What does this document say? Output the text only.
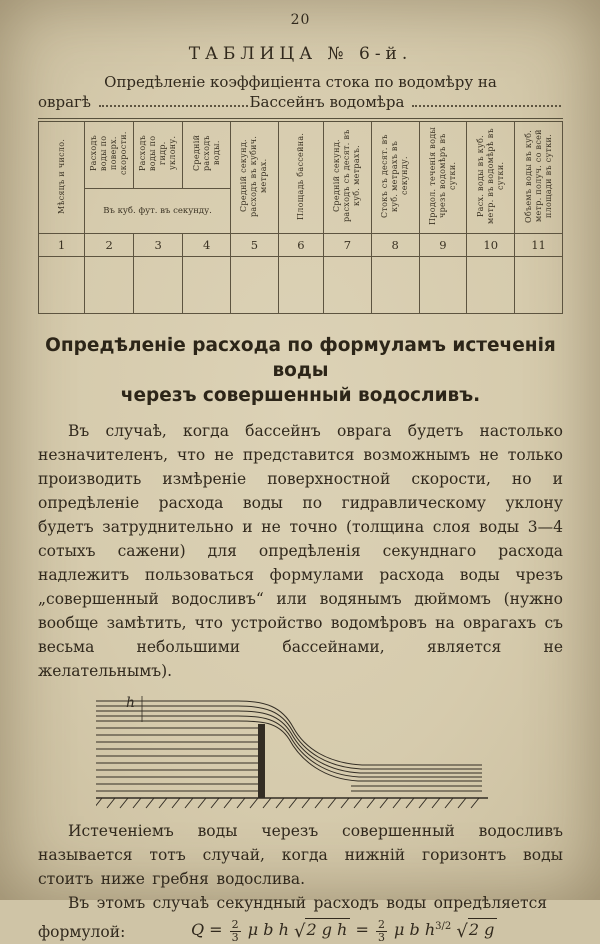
20
ТАБЛИЦА № 6-й.
Опредѣленіе коэффиціента стока по водомѣру на
оврагѣ	Бассейнъ водомѣра
Мѣсяцъ и число.	Расходъ воды по поверх. скорости.	Расходъ воды по гидр. уклону.	Средній расходъ воды.	Средній секунд. расходъ въ кубич. метрах.	Площадь бассейна.	Средній секунд. расходъ съ десят. въ куб. метрахъ.	Стокъ съ десят. въ куб. метрахъ въ секунду.	Продол. теченія воды чрезъ водомѣръ въ сутки.	Расх. воды въ куб. метр. въ водомѣрѣ въ сутки.	Объемъ воды въ куб. метр. получ. со всей площади въ сутки.
	Въ куб. фут. въ секунду.									
1	2	3	4	5	6	7	8	9	10	11

Опредѣленіе расхода по формуламъ истеченія воды
черезъ совершенный водосливъ.

Въ случаѣ, когда бассейнъ оврага будетъ настолько незначителенъ, что не представится возможнымъ не только производить измѣреніе поверхностной скорости, но и опредѣленіе расхода воды по гидравлическому уклону будетъ затруднительно и не точно (толщина слоя воды 3—4 сотыхъ сажени) для опредѣленія секунднаго расхода надлежитъ пользоваться формулами расхода воды чрезъ „совершенный водосливъ“ или водянымъ дюймомъ (нужно вообще замѣтить, что устройство водомѣровъ на оврагахъ съ весьма небольшими бассейнами, является не желательнымъ).

h

Истеченіемъ воды черезъ совершенный водосливъ называется тотъ случай, когда нижній горизонтъ воды стоитъ ниже гребня водослива.

Въ этомъ случаѣ секундный расходъ воды опредѣляется

формулой:	$Q = \frac{2}{3}$ μ b h √2 g $h = \frac{2}{3}$ μ b $h^{3/2}$ √2 g
